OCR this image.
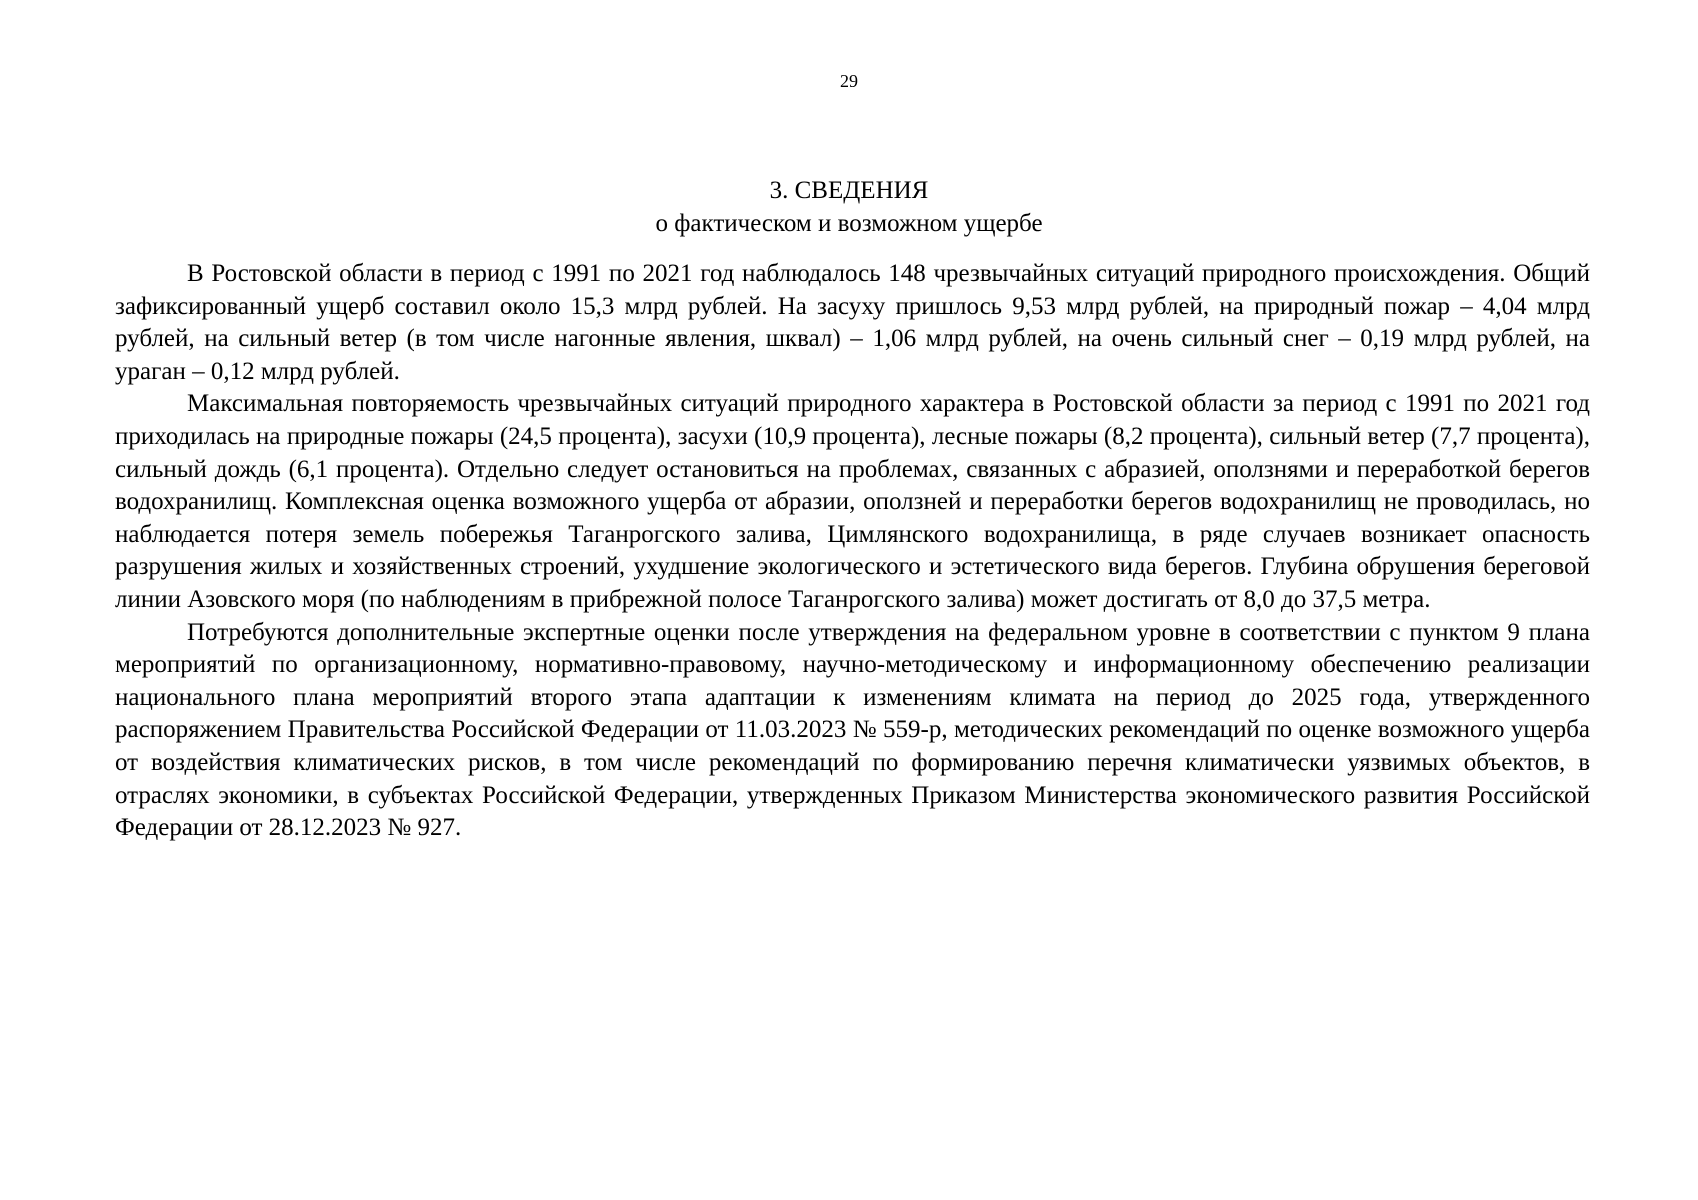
29
3. СВЕДЕНИЯ
о фактическом и возможном ущербе

В Ростовской области в период с 1991 по 2021 год наблюдалось 148 чрезвычайных ситуаций природного происхождения. Общий зафиксированный ущерб составил около 15,3 млрд рублей. На засуху пришлось 9,53 млрд рублей, на природный пожар – 4,04 млрд рублей, на сильный ветер (в том числе нагонные явления, шквал) – 1,06 млрд рублей, на очень сильный снег – 0,19 млрд рублей, на ураган – 0,12 млрд рублей.

Максимальная повторяемость чрезвычайных ситуаций природного характера в Ростовской области за период с 1991 по 2021 год приходилась на природные пожары (24,5 процента), засухи (10,9 процента), лесные пожары (8,2 процента), сильный ветер (7,7 процента), сильный дождь (6,1 процента). Отдельно следует остановиться на проблемах, связанных с абразией, оползнями и переработкой берегов водохранилищ. Комплексная оценка возможного ущерба от абразии, оползней и переработки берегов водохранилищ не проводилась, но наблюдается потеря земель побережья Таганрогского залива, Цимлянского водохранилища, в ряде случаев возникает опасность разрушения жилых и хозяйственных строений, ухудшение экологического и эстетического вида берегов. Глубина обрушения береговой линии Азовского моря (по наблюдениям в прибрежной полосе Таганрогского залива) может достигать от 8,0 до 37,5 метра.

Потребуются дополнительные экспертные оценки после утверждения на федеральном уровне в соответствии с пунктом 9 плана мероприятий по организационному, нормативно-правовому, научно-методическому и информационному обеспечению реализации национального плана мероприятий второго этапа адаптации к изменениям климата на период до 2025 года, утвержденного распоряжением Правительства Российской Федерации от 11.03.2023 № 559-р, методических рекомендаций по оценке возможного ущерба от воздействия климатических рисков, в том числе рекомендаций по формированию перечня климатически уязвимых объектов, в отраслях экономики, в субъектах Российской Федерации, утвержденных Приказом Министерства экономического развития Российской Федерации от 28.12.2023 № 927.
